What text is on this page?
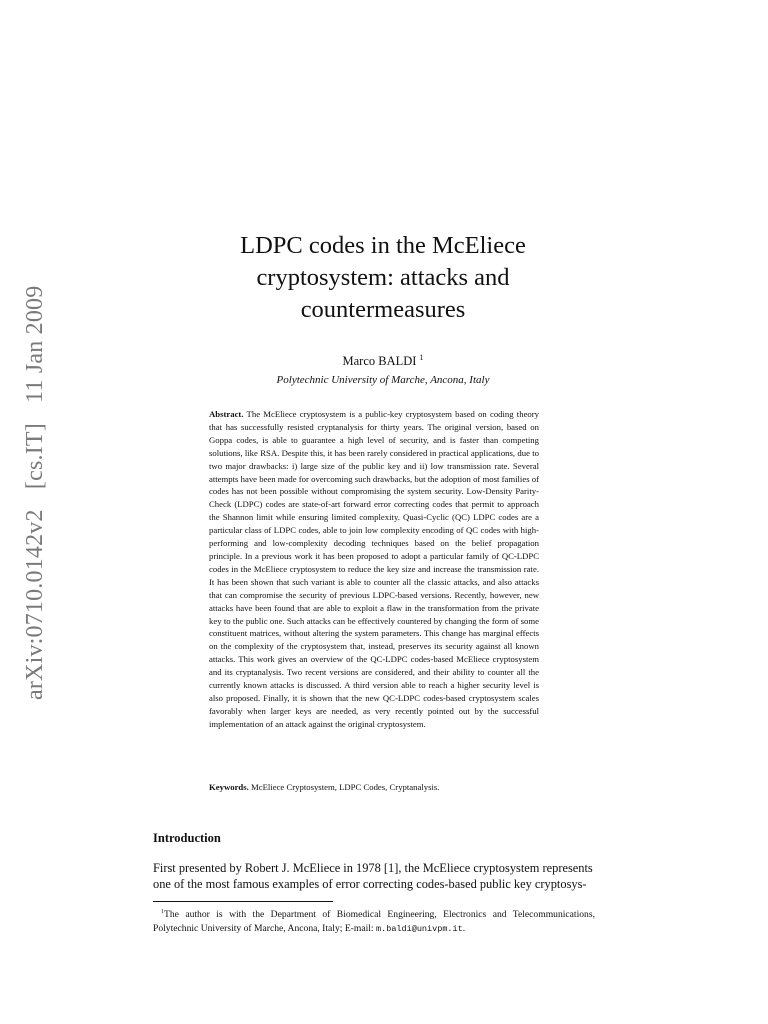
arXiv:0710.0142v2 [cs.IT] 11 Jan 2009
LDPC codes in the McEliece
cryptosystem: attacks and
countermeasures
Marco BALDI $^1$
Polytechnic University of Marche, Ancona, Italy

Abstract. The McEliece cryptosystem is a public-key cryptosystem based on coding theory that has successfully resisted cryptanalysis for thirty years. The original version, based on Goppa codes, is able to guarantee a high level of security, and is faster than competing solutions, like RSA. Despite this, it has been rarely considered in practical applications, due to two major drawbacks: i) large size of the public key and ii) low transmission rate. Several attempts have been made for overcoming such drawbacks, but the adoption of most families of codes has not been possible without compromising the system security. Low-Density Parity-Check (LDPC) codes are state-of-art forward error correcting codes that permit to approach the Shannon limit while ensuring limited complexity. Quasi-Cyclic (QC) LDPC codes are a particular class of LDPC codes, able to join low complexity encoding of QC codes with high-performing and low-complexity decoding techniques based on the belief propagation principle. In a previous work it has been proposed to adopt a particular family of QC-LDPC codes in the McEliece cryptosystem to reduce the key size and increase the transmission rate. It has been shown that such variant is able to counter all the classic attacks, and also attacks that can compromise the security of previous LDPC-based versions. Recently, however, new attacks have been found that are able to exploit a flaw in the transformation from the private key to the public one. Such attacks can be effectively countered by changing the form of some constituent matrices, without altering the system parameters. This change has marginal effects on the complexity of the cryptosystem that, instead, preserves its security against all known attacks. This work gives an overview of the QC-LDPC codes-based McEliece cryptosystem and its cryptanalysis. Two recent versions are considered, and their ability to counter all the currently known attacks is discussed. A third version able to reach a higher security level is also proposed. Finally, it is shown that the new QC-LDPC codes-based cryptosystem scales favorably when larger keys are needed, as very recently pointed out by the successful implementation of an attack against the original cryptosystem.

Keywords. McEliece Cryptosystem, LDPC Codes, Cryptanalysis.

Introduction

First presented by Robert J. McEliece in 1978 [1], the McEliece cryptosystem represents
one of the most famous examples of error correcting codes-based public key cryptosys-

$^1$The author is with the Department of Biomedical Engineering, Electronics and Telecommunications, Polytechnic University of Marche, Ancona, Italy; E-mail: m.baldi@univpm.it.
